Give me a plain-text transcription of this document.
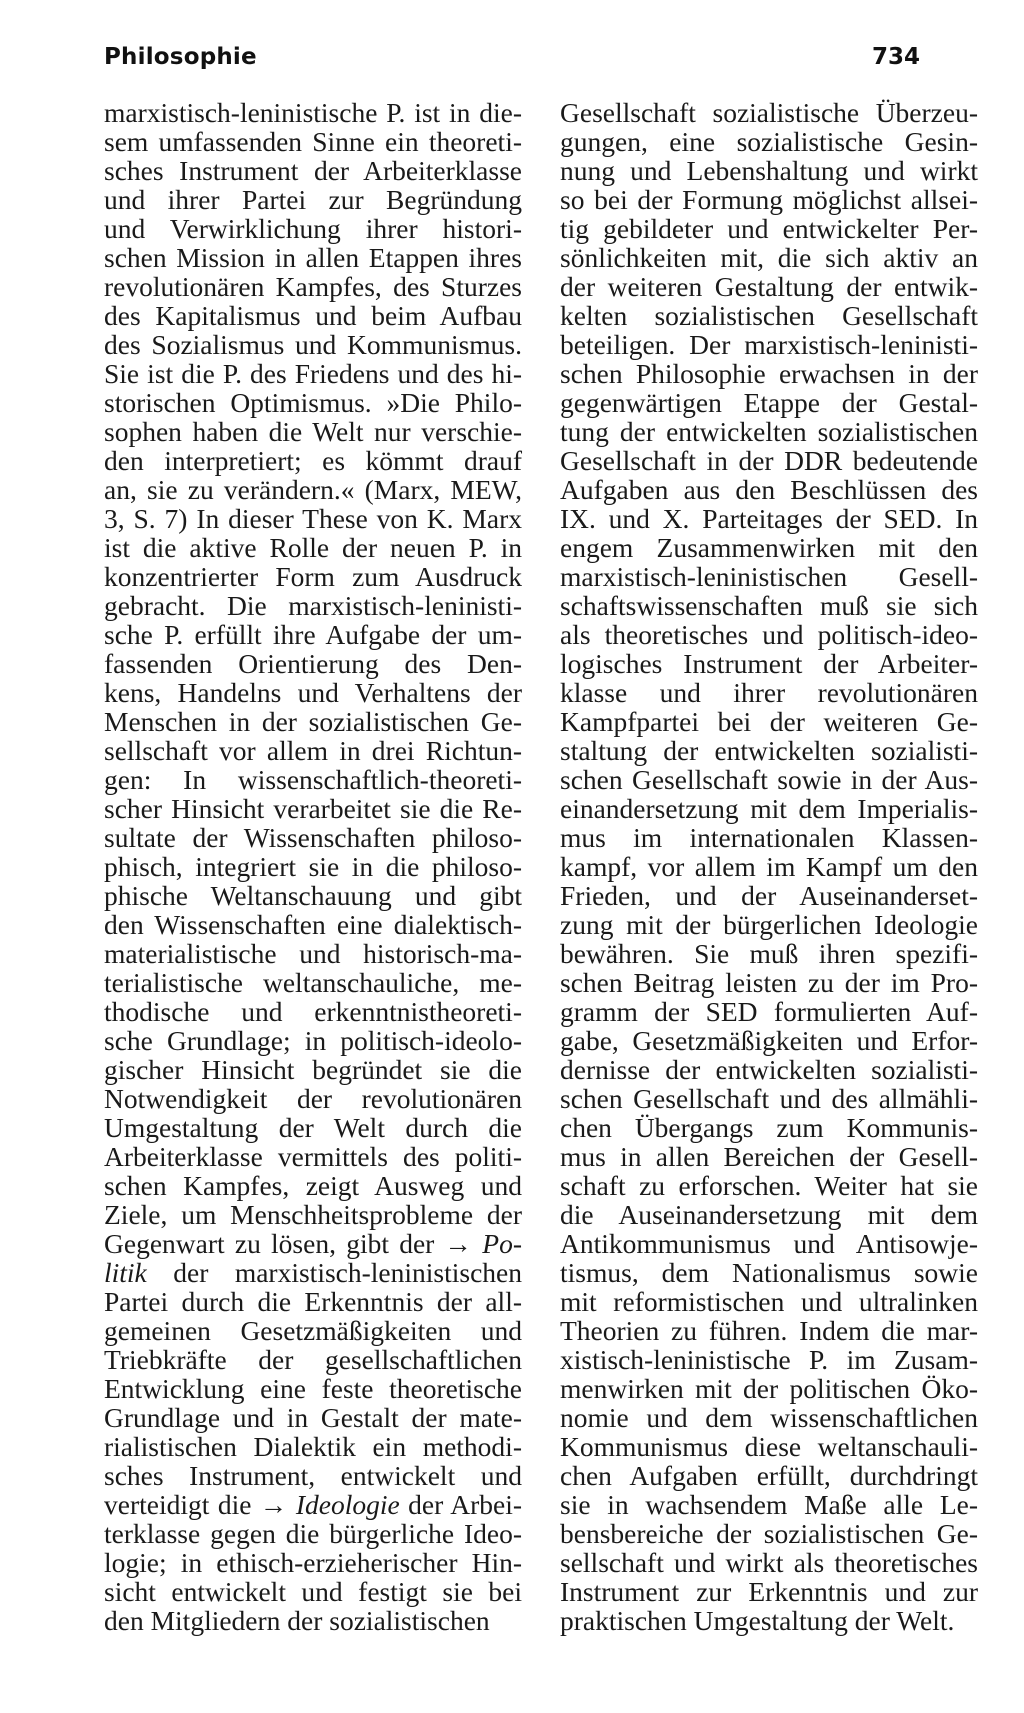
Philosophie	734
marxistisch-leninistische P. ist in die-
sem umfassenden Sinne ein theoreti-
sches Instrument der Arbeiterklasse
und ihrer Partei zur Begründung
und Verwirklichung ihrer histori-
schen Mission in allen Etappen ihres
revolutionären Kampfes, des Sturzes
des Kapitalismus und beim Aufbau
des Sozialismus und Kommunismus.
Sie ist die P. des Friedens und des hi-
storischen Optimismus. »Die Philo-
sophen haben die Welt nur verschie-
den interpretiert; es kömmt drauf
an, sie zu verändern.« (Marx, MEW,
3, S. 7) In dieser These von K. Marx
ist die aktive Rolle der neuen P. in
konzentrierter Form zum Ausdruck
gebracht. Die marxistisch-leninisti-
sche P. erfüllt ihre Aufgabe der um-
fassenden Orientierung des Den-
kens, Handelns und Verhaltens der
Menschen in der sozialistischen Ge-
sellschaft vor allem in drei Richtun-
gen: In wissenschaftlich-theoreti-
scher Hinsicht verarbeitet sie die Re-
sultate der Wissenschaften philoso-
phisch, integriert sie in die philoso-
phische Weltanschauung und gibt
den Wissenschaften eine dialektisch-
materialistische und historisch-ma-
terialistische weltanschauliche, me-
thodische und erkenntnistheoreti-
sche Grundlage; in politisch-ideolo-
gischer Hinsicht begründet sie die
Notwendigkeit der revolutionären
Umgestaltung der Welt durch die
Arbeiterklasse vermittels des politi-
schen Kampfes, zeigt Ausweg und
Ziele, um Menschheitsprobleme der
Gegenwart zu lösen, gibt der → Po-
litik der marxistisch-leninistischen
Partei durch die Erkenntnis der all-
gemeinen Gesetzmäßigkeiten und
Triebkräfte der gesellschaftlichen
Entwicklung eine feste theoretische
Grundlage und in Gestalt der mate-
rialistischen Dialektik ein methodi-
sches Instrument, entwickelt und
verteidigt die → Ideologie der Arbei-
terklasse gegen die bürgerliche Ideo-
logie; in ethisch-erzieherischer Hin-
sicht entwickelt und festigt sie bei
den Mitgliedern der sozialistischen
Gesellschaft sozialistische Überzeu-
gungen, eine sozialistische Gesin-
nung und Lebenshaltung und wirkt
so bei der Formung möglichst allsei-
tig gebildeter und entwickelter Per-
sönlichkeiten mit, die sich aktiv an
der weiteren Gestaltung der entwik-
kelten sozialistischen Gesellschaft
beteiligen. Der marxistisch-leninisti-
schen Philosophie erwachsen in der
gegenwärtigen Etappe der Gestal-
tung der entwickelten sozialistischen
Gesellschaft in der DDR bedeutende
Aufgaben aus den Beschlüssen des
IX. und X. Parteitages der SED. In
engem Zusammenwirken mit den
marxistisch-leninistischen Gesell-
schaftswissenschaften muß sie sich
als theoretisches und politisch-ideo-
logisches Instrument der Arbeiter-
klasse und ihrer revolutionären
Kampfpartei bei der weiteren Ge-
staltung der entwickelten sozialisti-
schen Gesellschaft sowie in der Aus-
einandersetzung mit dem Imperialis-
mus im internationalen Klassen-
kampf, vor allem im Kampf um den
Frieden, und der Auseinanderset-
zung mit der bürgerlichen Ideologie
bewähren. Sie muß ihren spezifi-
schen Beitrag leisten zu der im Pro-
gramm der SED formulierten Auf-
gabe, Gesetzmäßigkeiten und Erfor-
dernisse der entwickelten sozialisti-
schen Gesellschaft und des allmähli-
chen Übergangs zum Kommunis-
mus in allen Bereichen der Gesell-
schaft zu erforschen. Weiter hat sie
die Auseinandersetzung mit dem
Antikommunismus und Antisowje-
tismus, dem Nationalismus sowie
mit reformistischen und ultralinken
Theorien zu führen. Indem die mar-
xistisch-leninistische P. im Zusam-
menwirken mit der politischen Öko-
nomie und dem wissenschaftlichen
Kommunismus diese weltanschauli-
chen Aufgaben erfüllt, durchdringt
sie in wachsendem Maße alle Le-
bensbereiche der sozialistischen Ge-
sellschaft und wirkt als theoretisches
Instrument zur Erkenntnis und zur
praktischen Umgestaltung der Welt.
